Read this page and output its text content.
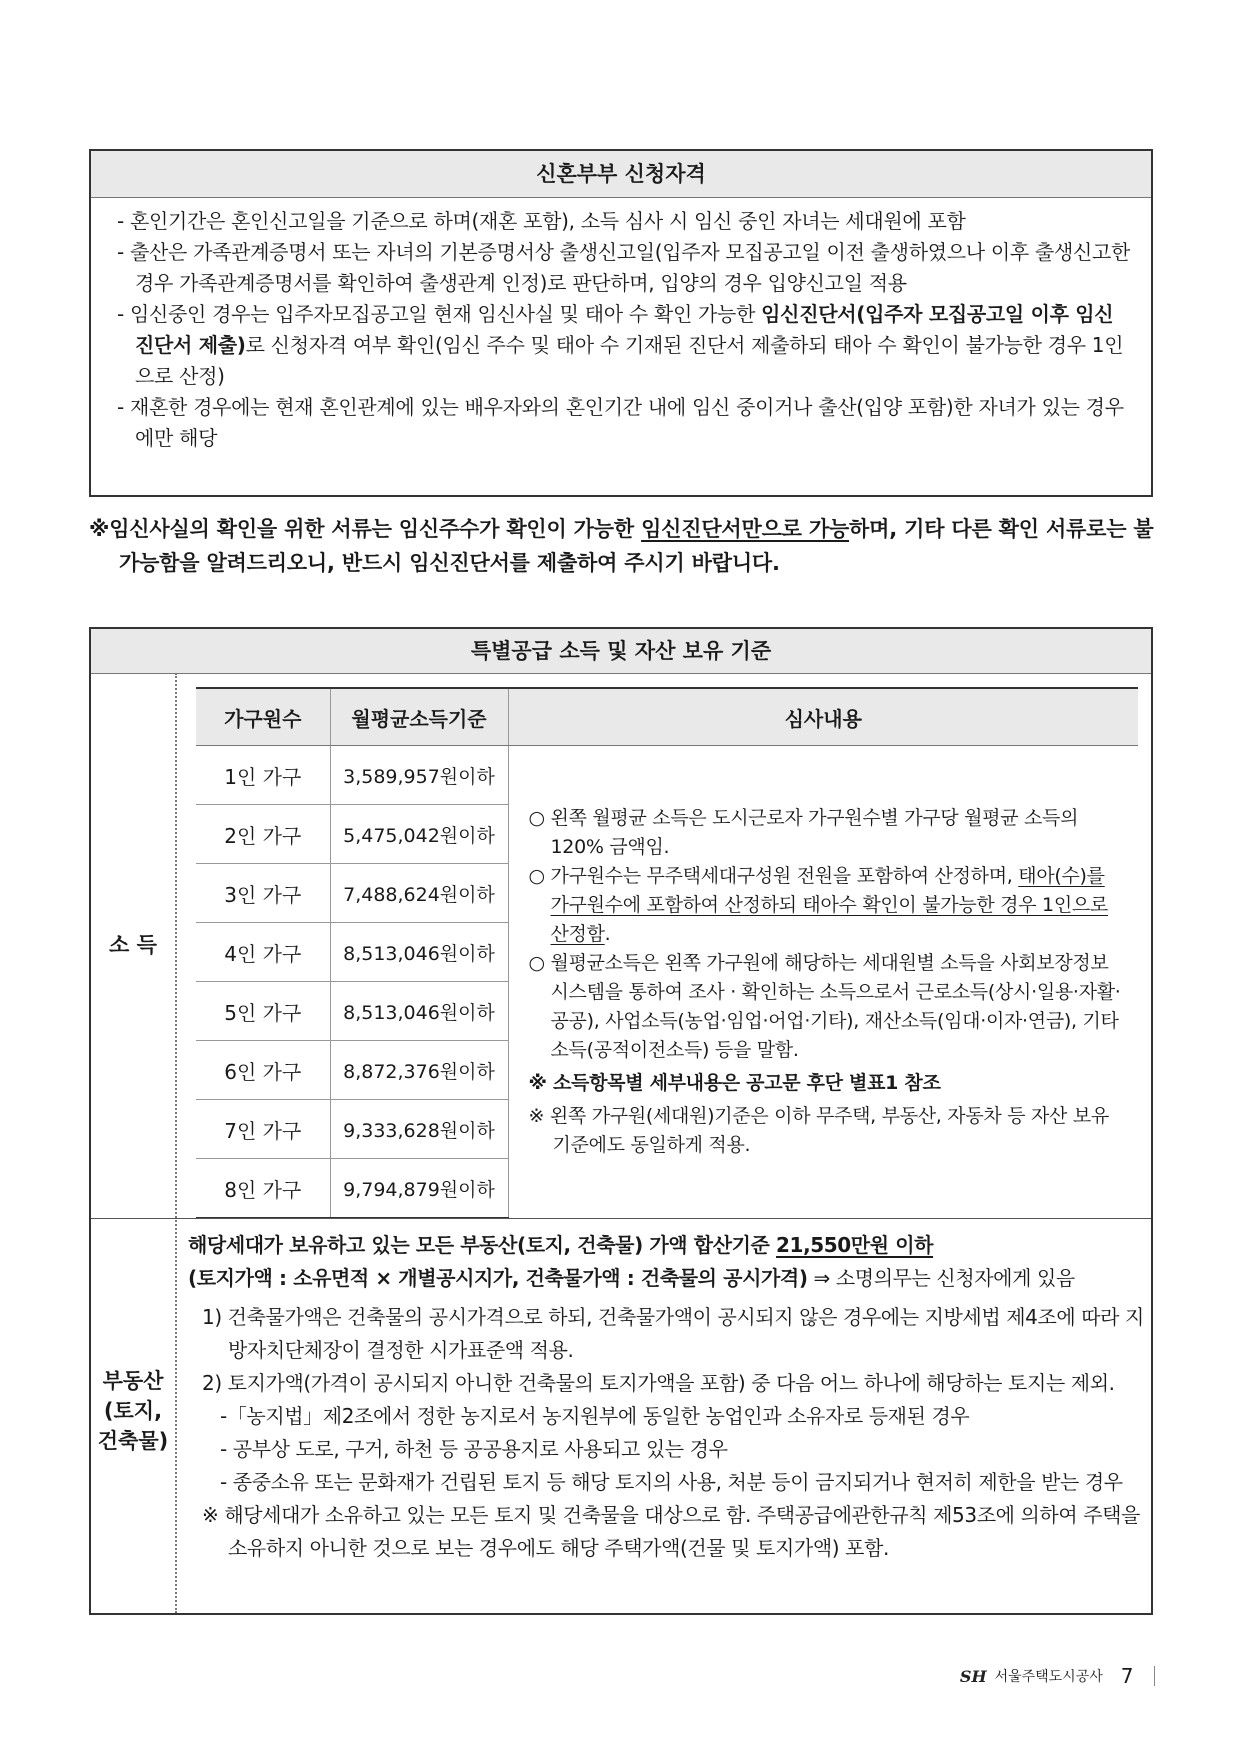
신혼부부 신청자격
- 혼인기간은 혼인신고일을 기준으로 하며(재혼 포함), 소득 심사 시 임신 중인 자녀는 세대원에 포함
- 출산은 가족관계증명서 또는 자녀의 기본증명서상 출생신고일(입주자 모집공고일 이전 출생하였으나 이후 출생신고한 경우 가족관계증명서를 확인하여 출생관계 인정)로 판단하며, 입양의 경우 입양신고일 적용
- 임신중인 경우는 입주자모집공고일 현재 임신사실 및 태아 수 확인 가능한 임신진단서(입주자 모집공고일 이후 임신진단서 제출)로 신청자격 여부 확인(임신 주수 및 태아 수 기재된 진단서 제출하되 태아 수 확인이 불가능한 경우 1인으로 산정)
- 재혼한 경우에는 현재 혼인관계에 있는 배우자와의 혼인기간 내에 임신 중이거나 출산(입양 포함)한 자녀가 있는 경우에만 해당
※임신사실의 확인을 위한 서류는 임신주수가 확인이 가능한 임신진단서만으로 가능하며, 기타 다른 확인 서류로는 불가능함을 알려드리오니, 반드시 임신진단서를 제출하여 주시기 바랍니다.
특별공급 소득 및 자산 보유 기준
소 득
가구원수	월평균소득기준	심사내용
1인 가구	3,589,957원이하	○ 왼쪽 월평균 소득은 도시근로자 가구원수별 가구당 월평균 소득의 120% 금액임.

○ 가구원수는 무주택세대구성원 전원을 포함하여 산정하며, 태아(수)를 가구원수에 포함하여 산정하되 태아수 확인이 불가능한 경우 1인으로 산정함.

○ 월평균소득은 왼쪽 가구원에 해당하는 세대원별 소득을 사회보장정보시스템을 통하여 조사 · 확인하는 소득으로서 근로소득(상시·일용·자활·공공), 사업소득(농업·임업·어업·기타), 재산소득(임대·이자·연금), 기타소득(공적이전소득) 등을 말함.

※ 소득항목별 세부내용은 공고문 후단 별표1 참조

※ 왼쪽 가구원(세대원)기준은 이하 무주택, 부동산, 자동차 등 자산 보유기준에도 동일하게 적용.

2인 가구	5,475,042원이하	
3인 가구	7,488,624원이하	
4인 가구	8,513,046원이하	
5인 가구	8,513,046원이하	
6인 가구	8,872,376원이하	
7인 가구	9,333,628원이하	
8인 가구	9,794,879원이하	
부동산
(토지,
건축물)

해당세대가 보유하고 있는 모든 부동산(토지, 건축물) 가액 합산기준 21,550만원 이하

(토지가액 : 소유면적 × 개별공시지가, 건축물가액 : 건축물의 공시가격) ⇒ 소명의무는 신청자에게 있음

1) 건축물가액은 건축물의 공시가격으로 하되, 건축물가액이 공시되지 않은 경우에는 지방세법 제4조에 따라 지방자치단체장이 결정한 시가표준액 적용.

2) 토지가액(가격이 공시되지 아니한 건축물의 토지가액을 포함) 중 다음 어느 하나에 해당하는 토지는 제외.

-「농지법」제2조에서 정한 농지로서 농지원부에 동일한 농업인과 소유자로 등재된 경우

- 공부상 도로, 구거, 하천 등 공공용지로 사용되고 있는 경우

- 종중소유 또는 문화재가 건립된 토지 등 해당 토지의 사용, 처분 등이 금지되거나 현저히 제한을 받는 경우

※ 해당세대가 소유하고 있는 모든 토지 및 건축물을 대상으로 함. 주택공급에관한규칙 제53조에 의하여 주택을 소유하지 아니한 것으로 보는 경우에도 해당 주택가액(건물 및 토지가액) 포함.

SH 서울주택도시공사 7
